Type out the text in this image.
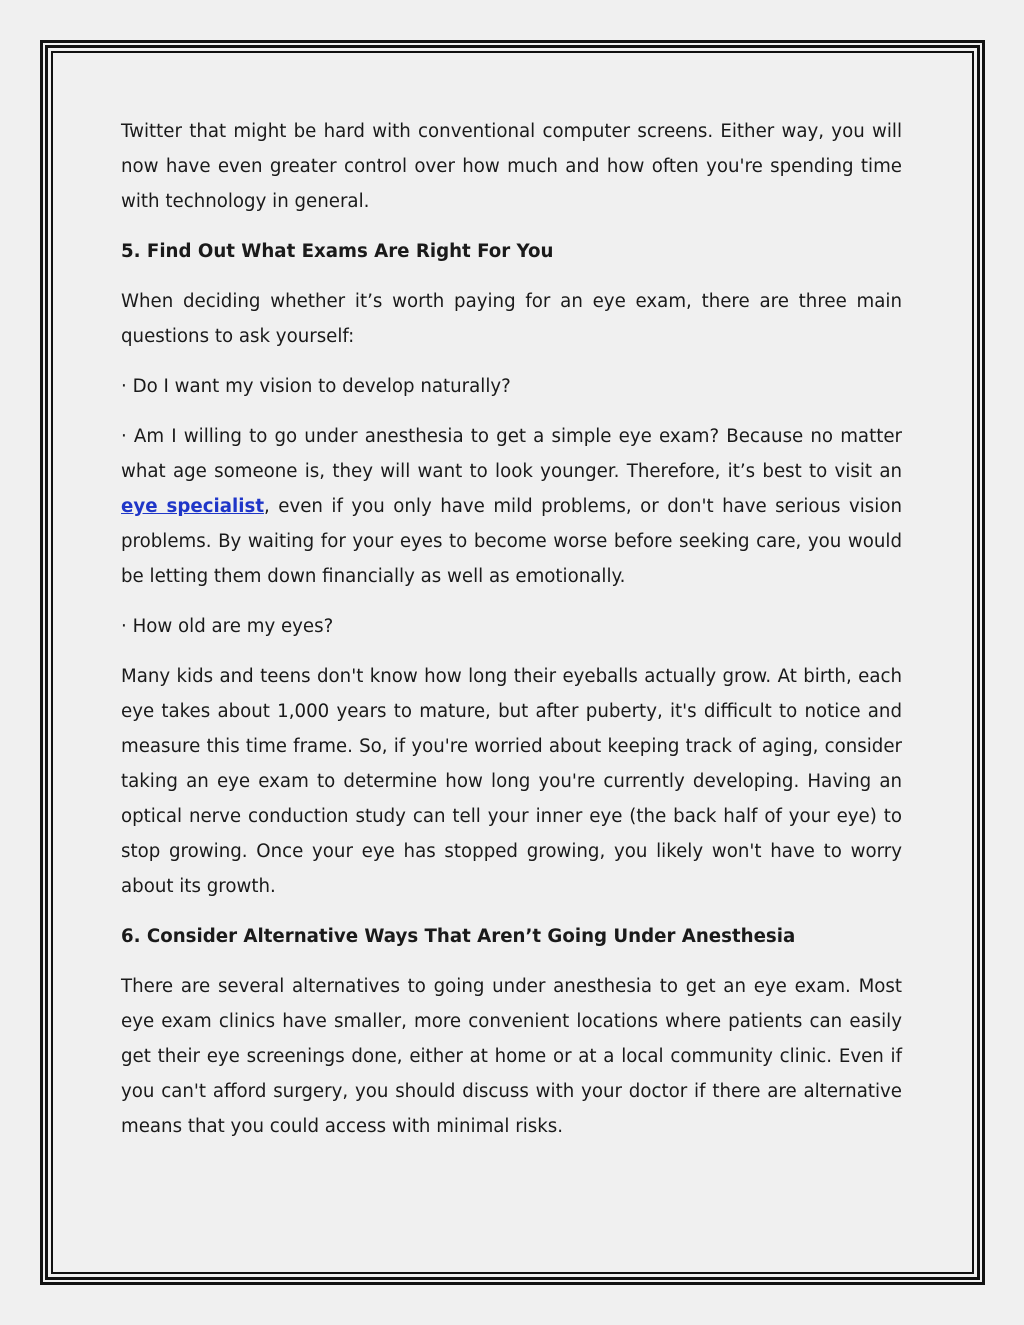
Twitter that might be hard with conventional computer screens. Either way, you will now have even greater control over how much and how often you're spending time with technology in general.

5. Find Out What Exams Are Right For You

When deciding whether it’s worth paying for an eye exam, there are three main questions to ask yourself:

· Do I want my vision to develop naturally?

· Am I willing to go under anesthesia to get a simple eye exam? Because no matter what age someone is, they will want to look younger. Therefore, it’s best to visit an eye specialist, even if you only have mild problems, or don't have serious vision problems. By waiting for your eyes to become worse before seeking care, you would be letting them down financially as well as emotionally.

· How old are my eyes?

Many kids and teens don't know how long their eyeballs actually grow. At birth, each eye takes about 1,000 years to mature, but after puberty, it's difficult to notice and measure this time frame. So, if you're worried about keeping track of aging, consider taking an eye exam to determine how long you're currently developing. Having an optical nerve conduction study can tell your inner eye (the back half of your eye) to stop growing. Once your eye has stopped growing, you likely won't have to worry about its growth.

6. Consider Alternative Ways That Aren’t Going Under Anesthesia

There are several alternatives to going under anesthesia to get an eye exam. Most eye exam clinics have smaller, more convenient locations where patients can easily get their eye screenings done, either at home or at a local community clinic. Even if you can't afford surgery, you should discuss with your doctor if there are alternative means that you could access with minimal risks.
